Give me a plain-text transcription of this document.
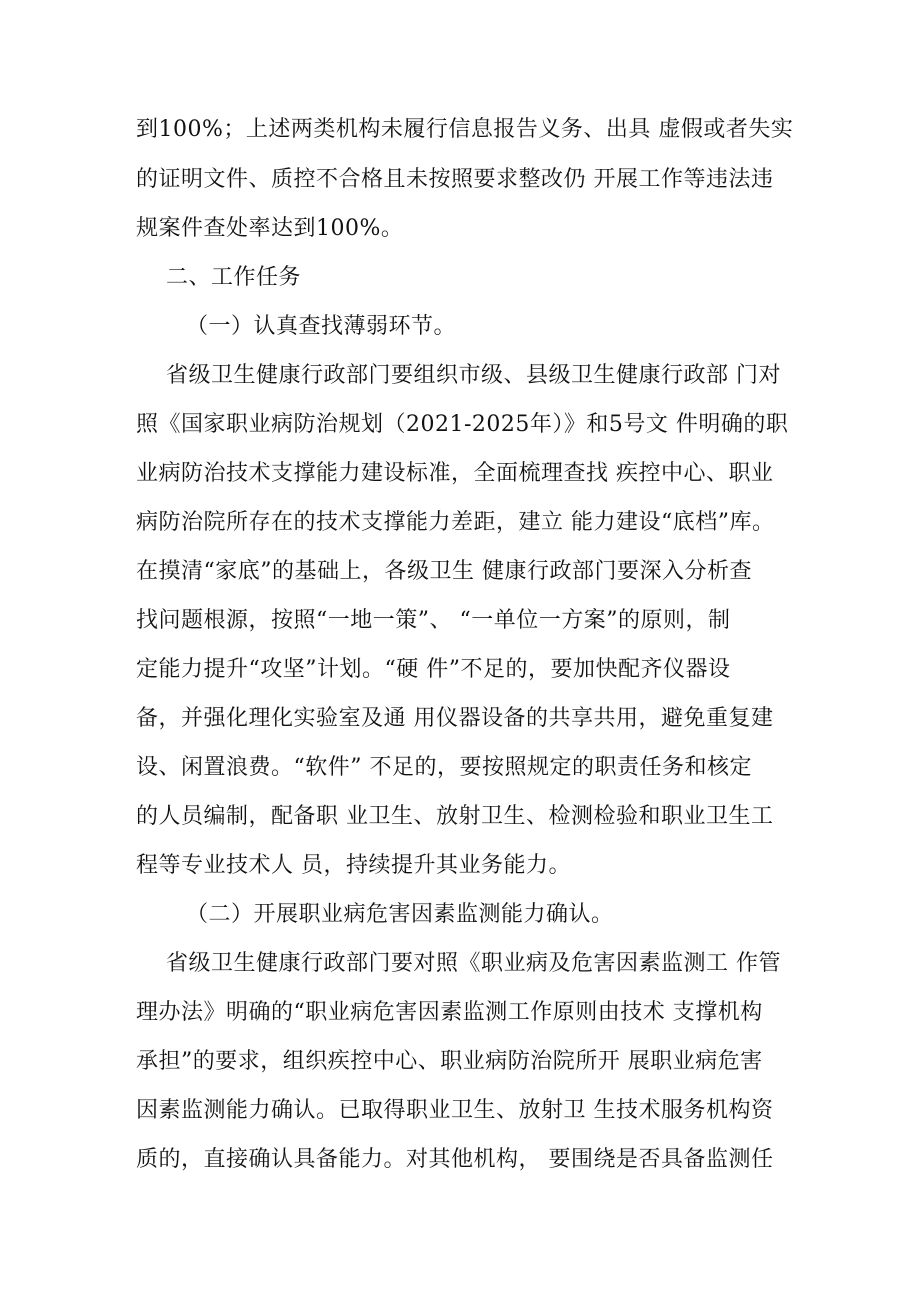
到100%；上述两类机构未履行信息报告义务、出具 虚假或者失实
的证明文件、质控不合格且未按照要求整改仍 开展工作等违法违
规案件查处率达到100%。
二、工作任务
（一）认真查找薄弱环节。
省级卫生健康行政部门要组织市级、县级卫生健康行政部 门对
照《国家职业病防治规划（2021-2025年）》和5号文 件明确的职
业病防治技术支撑能力建设标准，全面梳理查找 疾控中心、职业
病防治院所存在的技术支撑能力差距，建立 能力建设“底档”库。
在摸清“家底”的基础上，各级卫生 健康行政部门要深入分析查
找问题根源，按照“一地一策”、 “一单位一方案”的原则，制
定能力提升“攻坚”计划。“硬 件”不足的，要加快配齐仪器设
备，并强化理化实验室及通 用仪器设备的共享共用，避免重复建
设、闲置浪费。“软件” 不足的，要按照规定的职责任务和核定
的人员编制，配备职 业卫生、放射卫生、检测检验和职业卫生工
程等专业技术人 员，持续提升其业务能力。
（二）开展职业病危害因素监测能力确认。
省级卫生健康行政部门要对照《职业病及危害因素监测工 作管
理办法》明确的“职业病危害因素监测工作原则由技术 支撑机构
承担”的要求，组织疾控中心、职业病防治院所开 展职业病危害
因素监测能力确认。已取得职业卫生、放射卫 生技术服务机构资
质的，直接确认具备能力。对其他机构， 要围绕是否具备监测任
